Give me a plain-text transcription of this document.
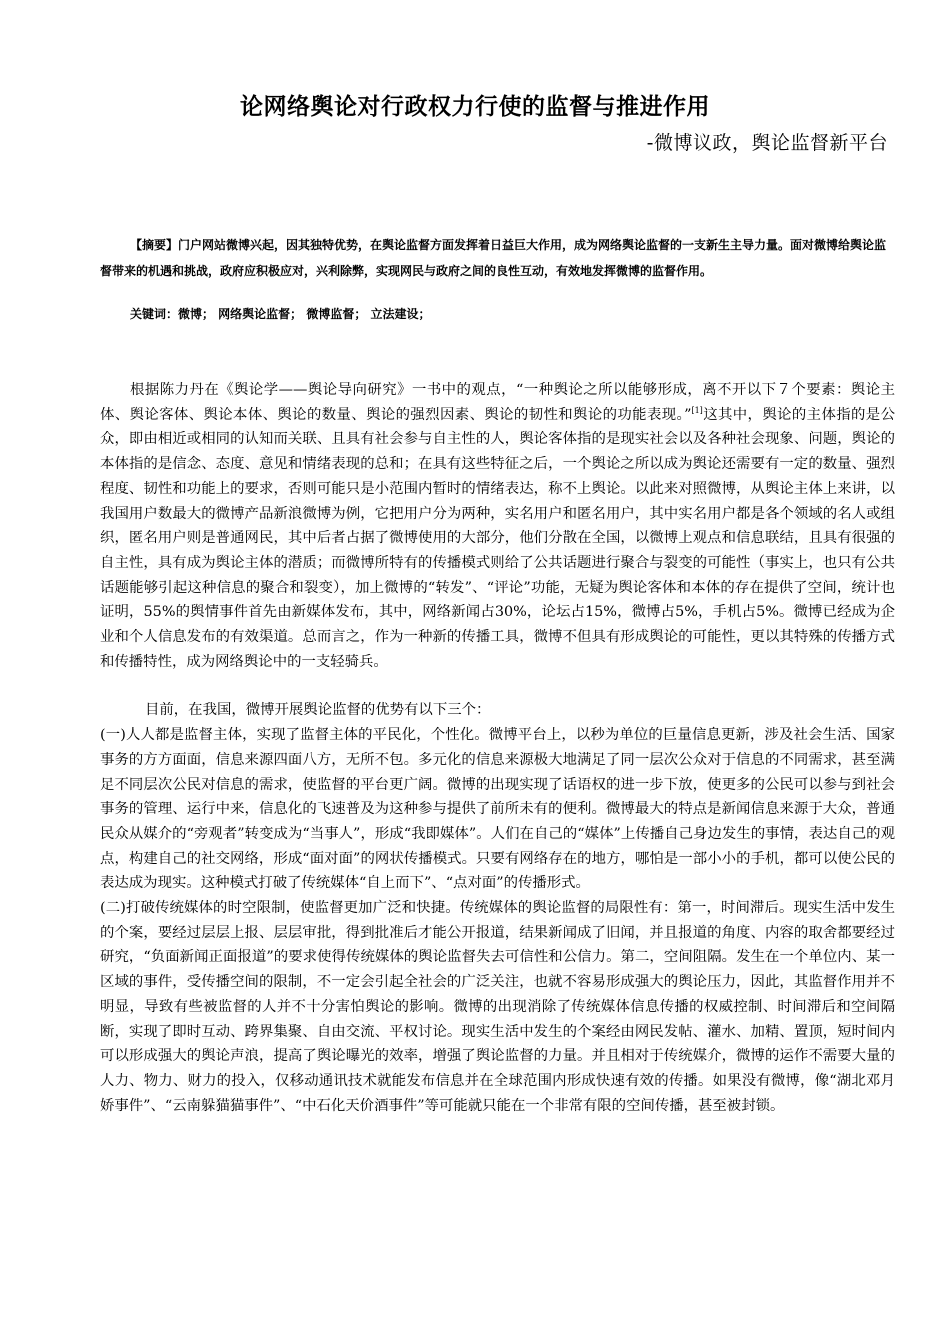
论网络舆论对行政权力行使的监督与推进作用
-微博议政，舆论监督新平台
【摘要】门户网站微博兴起，因其独特优势，在舆论监督方面发挥着日益巨大作用，成为网络舆论监督的一支新生主导力量。面对微博给舆论监督带来的机遇和挑战，政府应积极应对，兴利除弊，实现网民与政府之间的良性互动，有效地发挥微博的监督作用。
关键词：微博； 网络舆论监督； 微博监督； 立法建设；

根据陈力丹在《舆论学——舆论导向研究》一书中的观点，“一种舆论之所以能够形成，离不开以下７个要素：舆论主体、舆论客体、舆论本体、舆论的数量、舆论的强烈因素、舆论的韧性和舆论的功能表现。”[1]这其中，舆论的主体指的是公众，即由相近或相同的认知而关联、且具有社会参与自主性的人，舆论客体指的是现实社会以及各种社会现象、问题，舆论的本体指的是信念、态度、意见和情绪表现的总和；在具有这些特征之后，一个舆论之所以成为舆论还需要有一定的数量、强烈程度、韧性和功能上的要求，否则可能只是小范围内暂时的情绪表达，称不上舆论。以此来对照微博，从舆论主体上来讲，以我国用户数最大的微博产品新浪微博为例，它把用户分为两种，实名用户和匿名用户，其中实名用户都是各个领域的名人或组织，匿名用户则是普通网民，其中后者占据了微博使用的大部分，他们分散在全国，以微博上观点和信息联结，且具有很强的自主性，具有成为舆论主体的潜质；而微博所特有的传播模式则给了公共话题进行聚合与裂变的可能性（事实上，也只有公共话题能够引起这种信息的聚合和裂变），加上微博的“转发”、“评论”功能，无疑为舆论客体和本体的存在提供了空间，统计也证明，55%的舆情事件首先由新媒体发布，其中，网络新闻占30%，论坛占15%，微博占5%，手机占5%。微博已经成为企业和个人信息发布的有效渠道。总而言之，作为一种新的传播工具，微博不但具有形成舆论的可能性，更以其特殊的传播方式和传播特性，成为网络舆论中的一支轻骑兵。

目前，在我国，微博开展舆论监督的优势有以下三个：

(一)人人都是监督主体，实现了监督主体的平民化，个性化。微博平台上，以秒为单位的巨量信息更新，涉及社会生活、国家事务的方方面面，信息来源四面八方，无所不包。多元化的信息来源极大地满足了同一层次公众对于信息的不同需求，甚至满足不同层次公民对信息的需求，使监督的平台更广阔。微博的出现实现了话语权的进一步下放，使更多的公民可以参与到社会事务的管理、运行中来，信息化的飞速普及为这种参与提供了前所未有的便利。微博最大的特点是新闻信息来源于大众，普通民众从媒介的“旁观者”转变成为“当事人”，形成“我即媒体”。人们在自己的“媒体”上传播自己身边发生的事情，表达自己的观点，构建自己的社交网络，形成“面对面”的网状传播模式。只要有网络存在的地方，哪怕是一部小小的手机，都可以使公民的表达成为现实。这种模式打破了传统媒体“自上而下”、“点对面”的传播形式。

(二)打破传统媒体的时空限制，使监督更加广泛和快捷。传统媒体的舆论监督的局限性有：第一，时间滞后。现实生活中发生的个案，要经过层层上报、层层审批，得到批准后才能公开报道，结果新闻成了旧闻，并且报道的角度、内容的取舍都要经过研究，“负面新闻正面报道”的要求使得传统媒体的舆论监督失去可信性和公信力。第二，空间阻隔。发生在一个单位内、某一区域的事件，受传播空间的限制，不一定会引起全社会的广泛关注，也就不容易形成强大的舆论压力，因此，其监督作用并不明显，导致有些被监督的人并不十分害怕舆论的影响。微博的出现消除了传统媒体信息传播的权威控制、时间滞后和空间隔断，实现了即时互动、跨界集聚、自由交流、平权讨论。现实生活中发生的个案经由网民发帖、灌水、加精、置顶，短时间内可以形成强大的舆论声浪，提高了舆论曝光的效率，增强了舆论监督的力量。并且相对于传统媒介，微博的运作不需要大量的人力、物力、财力的投入，仅移动通讯技术就能发布信息并在全球范围内形成快速有效的传播。如果没有微博，像“湖北邓月娇事件”、“云南躲猫猫事件”、“中石化天价酒事件”等可能就只能在一个非常有限的空间传播，甚至被封锁。
